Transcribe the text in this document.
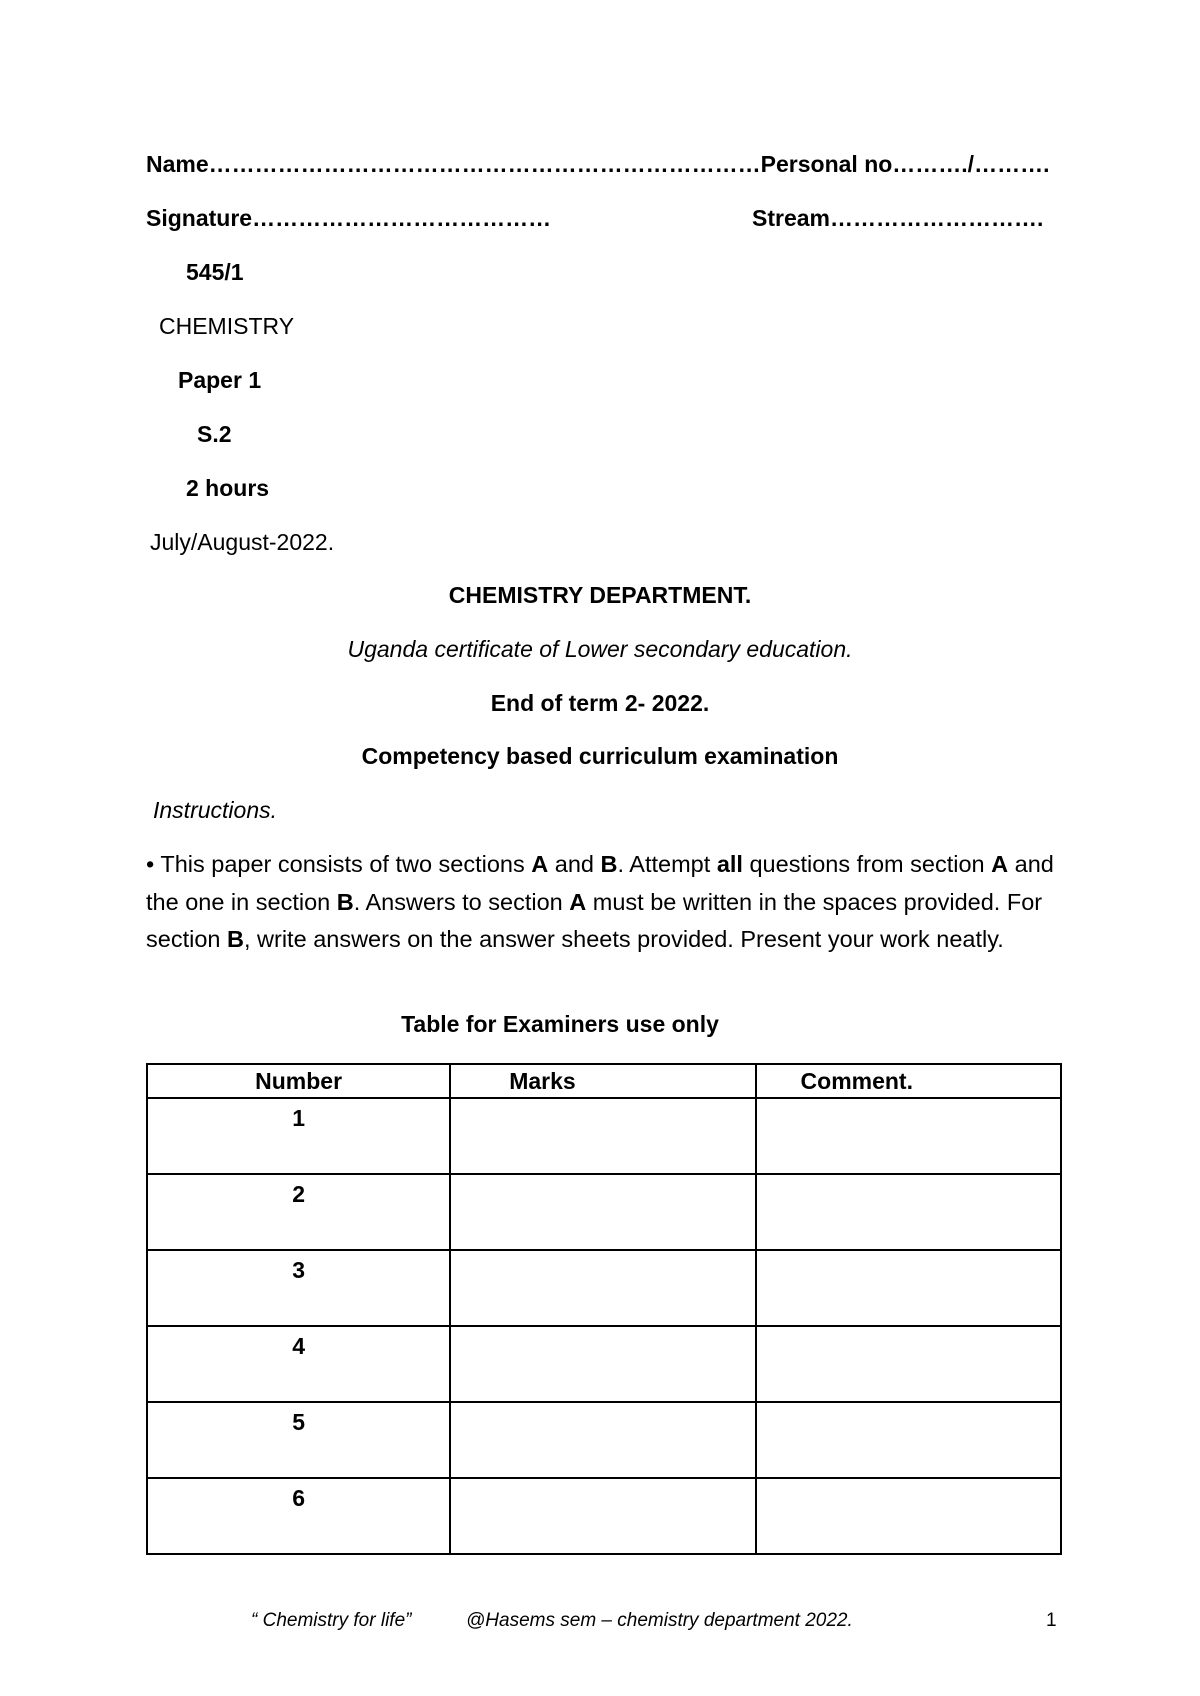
Name………………………………………………………………Personal no………./……….
Signature…………………………………	Stream……………………….
545/1
CHEMISTRY
Paper 1
S.2
2 hours
July/August-2022.
CHEMISTRY DEPARTMENT.
Uganda certificate of Lower secondary education.
End of term 2- 2022.
Competency based curriculum examination
Instructions.
• This paper consists of two sections A and B. Attempt all questions from section A and the one in section B. Answers to section A must be written in the spaces provided. For section B, write answers on the answer sheets provided. Present your work neatly.
Table for Examiners use only
Number	Marks	Comment.
1		
2		
3		
4		
5		
6		
“ Chemistry for life”	@Hasems sem – chemistry department 2022.	1
